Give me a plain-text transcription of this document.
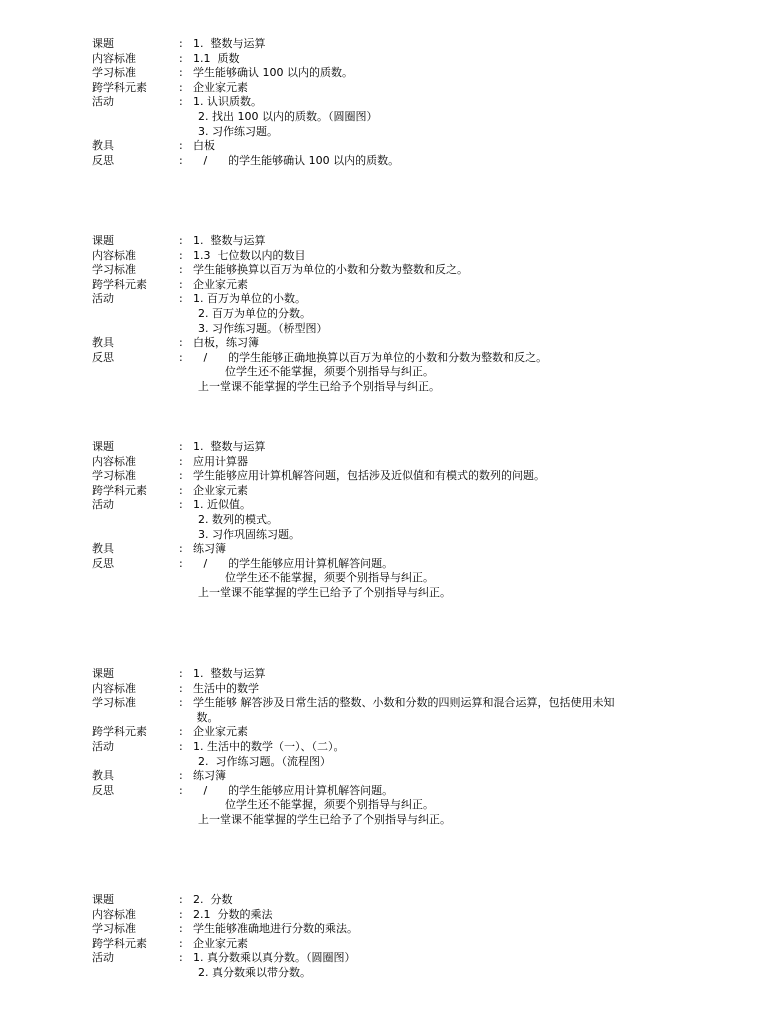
课题	: 1.  整数与运算
内容标准	: 1.1  质数
学习标准	: 学生能够确认 100 以内的质数。
跨学科元素	: 企业家元素
活动	: 1. 认识质数。
2. 找出 100 以内的质数。（圆圈图）
3. 习作练习题。
教具	: 白板
反思	: /      的学生能够确认 100 以内的质数。
课题	: 1.  整数与运算
内容标准	: 1.3  七位数以内的数目
学习标准	: 学生能够换算以百万为单位的小数和分数为整数和反之。
跨学科元素	: 企业家元素
活动	: 1. 百万为单位的小数。
2. 百万为单位的分数。
3. 习作练习题。（桥型图）
教具	: 白板，练习簿
反思	: /      的学生能够正确地换算以百万为单位的小数和分数为整数和反之。
位学生还不能掌握，须要个别指导与纠正。
上一堂课不能掌握的学生已给予个别指导与纠正。
课题	: 1.  整数与运算
内容标准	: 应用计算器
学习标准	: 学生能够应用计算机解答问题，包括涉及近似值和有模式的数列的问题。
跨学科元素	: 企业家元素
活动	: 1. 近似值。
2. 数列的模式。
3. 习作巩固练习题。
教具	: 练习簿
反思	: /      的学生能够应用计算机解答问题。
位学生还不能掌握，须要个别指导与纠正。
上一堂课不能掌握的学生已给予了个别指导与纠正。
课题	: 1.  整数与运算
内容标准	: 生活中的数学
学习标准	: 学生能够 解答涉及日常生活的整数、小数和分数的四则运算和混合运算，包括使用未知
数。
跨学科元素	: 企业家元素
活动	: 1. 生活中的数学（一）、（二）。
2.  习作练习题。（流程图）
教具	: 练习簿
反思	: /      的学生能够应用计算机解答问题。
位学生还不能掌握，须要个别指导与纠正。
上一堂课不能掌握的学生已给予了个别指导与纠正。
课题	: 2.  分数
内容标准	: 2.1  分数的乘法
学习标准	: 学生能够准确地进行分数的乘法。
跨学科元素	: 企业家元素
活动	: 1. 真分数乘以真分数。（圆圈图）
2. 真分数乘以带分数。
